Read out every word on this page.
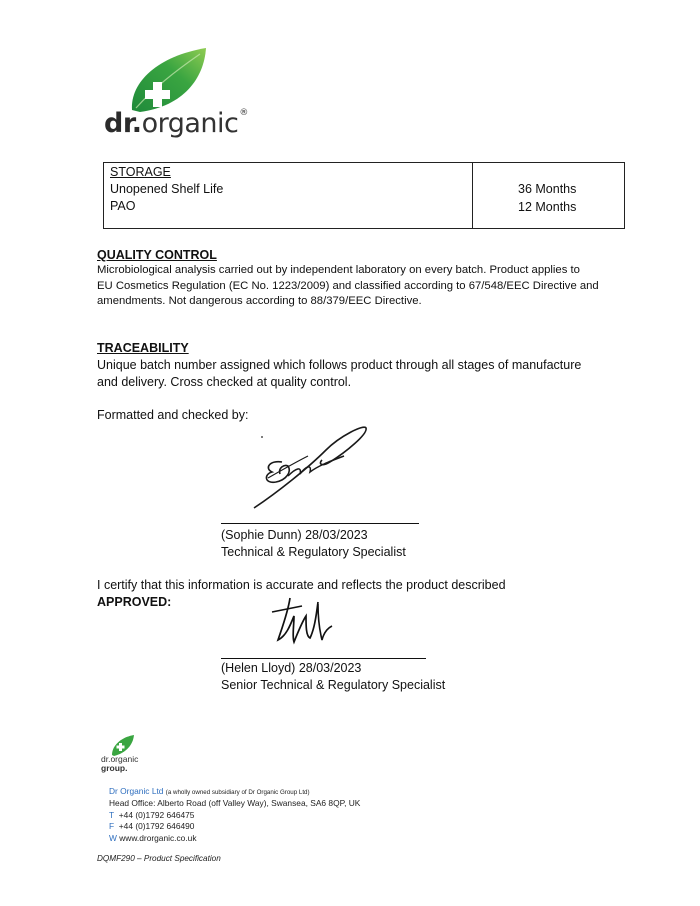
dr.organic®
STORAGE
Unopened Shelf Life
PAO
36 Months
12 Months
QUALITY CONTROL
Microbiological analysis carried out by independent laboratory on every batch. Product applies to
EU Cosmetics Regulation (EC No. 1223/2009) and classified according to 67/548/EEC Directive and
amendments. Not dangerous according to 88/379/EEC Directive.
TRACEABILITY
Unique batch number assigned which follows product through all stages of manufacture
and delivery. Cross checked at quality control.
Formatted and checked by:
(Sophie Dunn) 28/03/2023
Technical & Regulatory Specialist
I certify that this information is accurate and reflects the product described
APPROVED:
(Helen Lloyd) 28/03/2023
Senior Technical & Regulatory Specialist
dr.organic
group.
Dr Organic Ltd (a wholly owned subsidiary of Dr Organic Group Ltd)
Head Office: Alberto Road (off Valley Way), Swansea, SA6 8QP, UK
T +44 (0)1792 646475
F +44 (0)1792 646490
W www.drorganic.co.uk
DQMF290 – Product Specification
